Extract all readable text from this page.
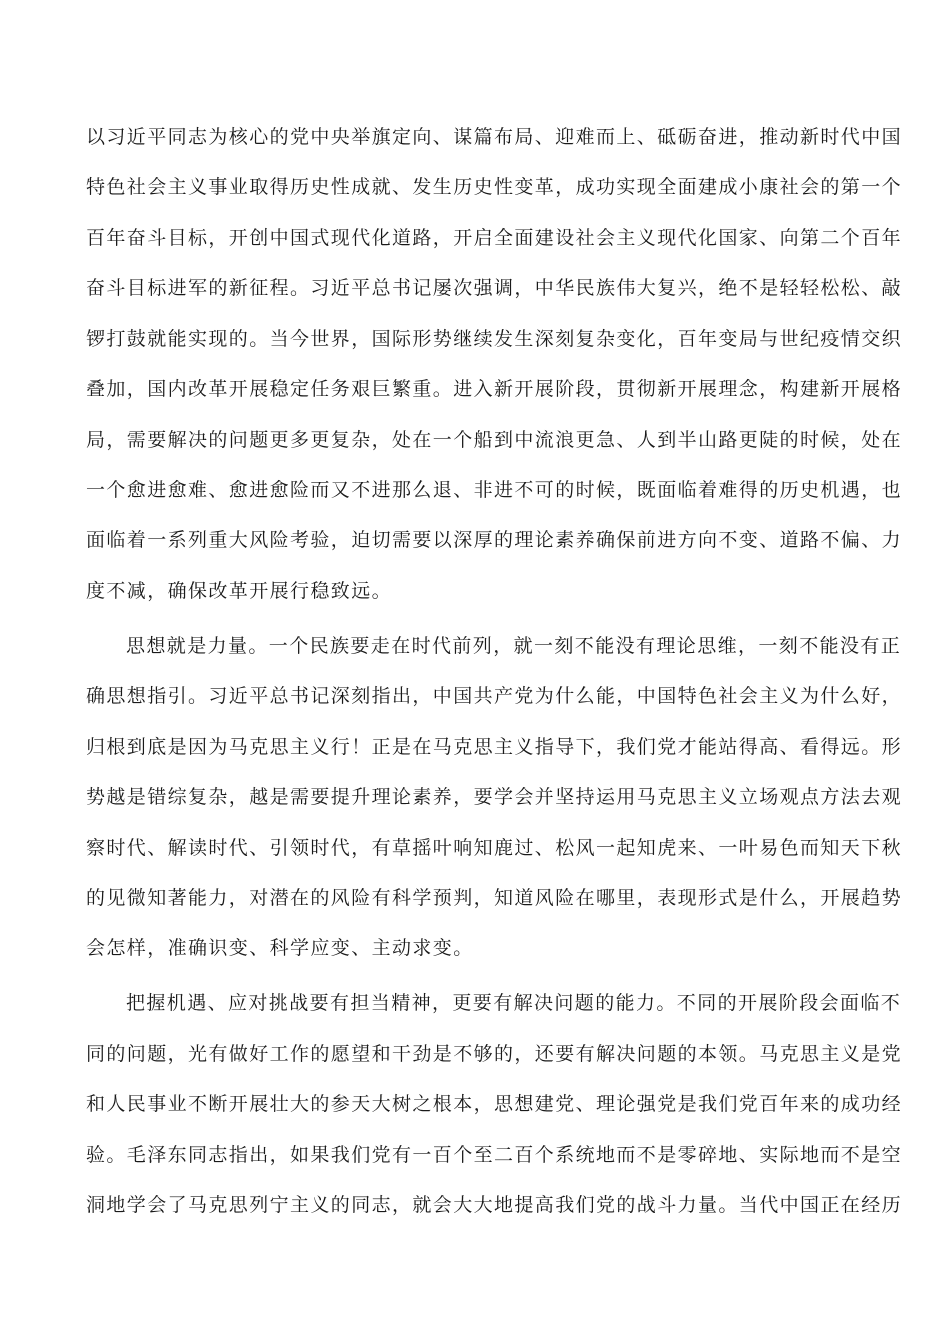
以习近平同志为核心的党中央举旗定向、谋篇布局、迎难而上、砥砺奋进，推动新时代中国
特色社会主义事业取得历史性成就、发生历史性变革，成功实现全面建成小康社会的第一个
百年奋斗目标，开创中国式现代化道路，开启全面建设社会主义现代化国家、向第二个百年
奋斗目标进军的新征程。习近平总书记屡次强调，中华民族伟大复兴，绝不是轻轻松松、敲
锣打鼓就能实现的。当今世界，国际形势继续发生深刻复杂变化，百年变局与世纪疫情交织
叠加，国内改革开展稳定任务艰巨繁重。进入新开展阶段，贯彻新开展理念，构建新开展格
局，需要解决的问题更多更复杂，处在一个船到中流浪更急、人到半山路更陡的时候，处在
一个愈进愈难、愈进愈险而又不进那么退、非进不可的时候，既面临着难得的历史机遇，也
面临着一系列重大风险考验，迫切需要以深厚的理论素养确保前进方向不变、道路不偏、力
度不减，确保改革开展行稳致远。
思想就是力量。一个民族要走在时代前列，就一刻不能没有理论思维，一刻不能没有正
确思想指引。习近平总书记深刻指出，中国共产党为什么能，中国特色社会主义为什么好，
归根到底是因为马克思主义行！正是在马克思主义指导下，我们党才能站得高、看得远。形
势越是错综复杂，越是需要提升理论素养，要学会并坚持运用马克思主义立场观点方法去观
察时代、解读时代、引领时代，有草摇叶响知鹿过、松风一起知虎来、一叶易色而知天下秋
的见微知著能力，对潜在的风险有科学预判，知道风险在哪里，表现形式是什么，开展趋势
会怎样，准确识变、科学应变、主动求变。
把握机遇、应对挑战要有担当精神，更要有解决问题的能力。不同的开展阶段会面临不
同的问题，光有做好工作的愿望和干劲是不够的，还要有解决问题的本领。马克思主义是党
和人民事业不断开展壮大的参天大树之根本，思想建党、理论强党是我们党百年来的成功经
验。毛泽东同志指出，如果我们党有一百个至二百个系统地而不是零碎地、实际地而不是空
洞地学会了马克思列宁主义的同志，就会大大地提高我们党的战斗力量。当代中国正在经历
